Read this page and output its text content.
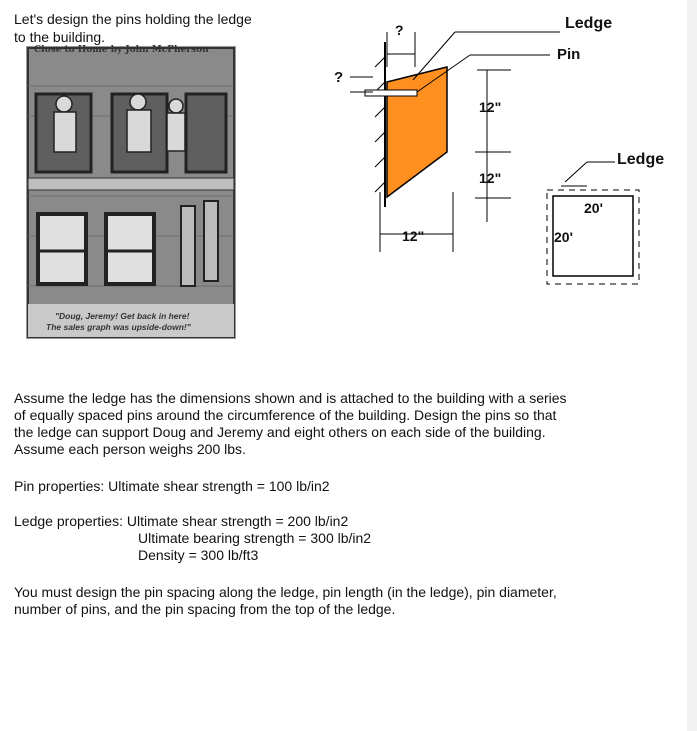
Let's design the pins holding the ledge to the building.

Close to Home by John McPherson
"Doug, Jeremy! Get back in here!
The sales graph was upside-down!"
Ledge
Pin
?
?
12"
12"
12"
Ledge
20'
20'

Assume the ledge has the dimensions shown and is attached to the building with a series of equally spaced pins around the circumference of the building. Design the pins so that the ledge can support Doug and Jeremy and eight others on each side of the building. Assume each person weighs 200 lbs.

Pin properties: Ultimate shear strength = 100 lb/in2

Ledge properties: Ultimate shear strength = 200 lb/in2
Ultimate bearing strength = 300 lb/in2
Density = 300 lb/ft3

You must design the pin spacing along the ledge, pin length (in the ledge), pin diameter, number of pins, and the pin spacing from the top of the ledge.
